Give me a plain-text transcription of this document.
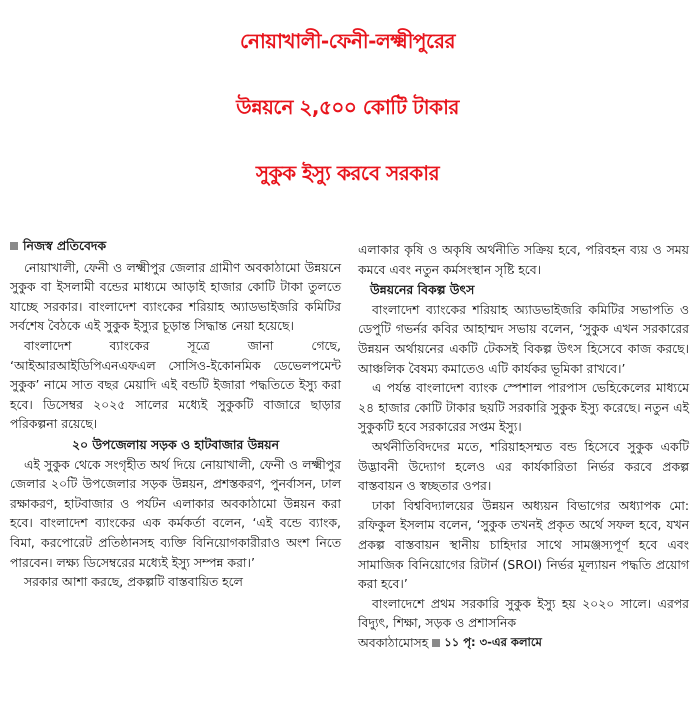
নোয়াখালী-ফেনী-লক্ষ্মীপুরের
উন্নয়নে ২,৫০০ কোটি টাকার
সুকুক ইস্যু করবে সরকার
নিজস্ব প্রতিবেদক

নোয়াখালী, ফেনী ও লক্ষ্মীপুর জেলার গ্রামীণ অবকাঠামো উন্নয়নে সুকুক বা ইসলামী বন্ডের মাধ্যমে আড়াই হাজার কোটি টাকা তুলতে যাচ্ছে সরকার। বাংলাদেশ ব্যাংকের শরিয়াহ অ্যাডভাইজরি কমিটির সর্বশেষ বৈঠকে এই সুকুক ইস্যুর চূড়ান্ত সিদ্ধান্ত নেয়া হয়েছে।

বাংলাদেশ ব্যাংকের সূত্রে জানা গেছে, ‘আইআরআইডিপিএনএফএল সোসিও-ইকোনমিক ডেভেলপমেন্ট সুকুক’ নামে সাত বছর মেয়াদি এই বন্ডটি ইজারা পদ্ধতিতে ইস্যু করা হবে। ডিসেম্বর ২০২৫ সালের মধ্যেই সুকুকটি বাজারে ছাড়ার পরিকল্পনা রয়েছে।

২০ উপজেলায় সড়ক ও হাটবাজার উন্নয়ন

এই সুকুক থেকে সংগৃহীত অর্থ দিয়ে নোয়াখালী, ফেনী ও লক্ষ্মীপুর জেলার ২০টি উপজেলার সড়ক উন্নয়ন, প্রশস্তকরণ, পুনর্বাসন, ঢাল রক্ষাকরণ, হাটবাজার ও পর্যটন এলাকার অবকাঠামো উন্নয়ন করা হবে। বাংলাদেশ ব্যাংকের এক কর্মকর্তা বলেন, ‘এই বন্ডে ব্যাংক, বিমা, করপোরেট প্রতিষ্ঠানসহ ব্যক্তি বিনিয়োগকারীরাও অংশ নিতে পারবেন। লক্ষ্য ডিসেম্বরের মধ্যেই ইস্যু সম্পন্ন করা।’

সরকার আশা করছে, প্রকল্পটি বাস্তবায়িত হলে

এলাকার কৃষি ও অকৃষি অর্থনীতি সক্রিয় হবে, পরিবহন ব্যয় ও সময় কমবে এবং নতুন কর্মসংস্থান সৃষ্টি হবে।

উন্নয়নের বিকল্প উৎস

বাংলাদেশ ব্যাংকের শরিয়াহ অ্যাডভাইজরি কমিটির সভাপতি ও ডেপুটি গভর্নর কবির আহাম্মদ সভায় বলেন, ‘সুকুক এখন সরকারের উন্নয়ন অর্থায়নের একটি টেকসই বিকল্প উৎস হিসেবে কাজ করছে। আঞ্চলিক বৈষম্য কমাতেও এটি কার্যকর ভূমিকা রাখবে।’

এ পর্যন্ত বাংলাদেশ ব্যাংক স্পেশাল পারপাস ভেহিকেলের মাধ্যমে ২৪ হাজার কোটি টাকার ছয়টি সরকারি সুকুক ইস্যু করেছে। নতুন এই সুকুকটি হবে সরকারের সপ্তম ইস্যু।

অর্থনীতিবিদদের মতে, শরিয়াহসম্মত বন্ড হিসেবে সুকুক একটি উদ্ভাবনী উদ্যোগ হলেও এর কার্যকারিতা নির্ভর করবে প্রকল্প বাস্তবায়ন ও স্বচ্ছতার ওপর।

ঢাকা বিশ্ববিদ্যালয়ের উন্নয়ন অধ্যয়ন বিভাগের অধ্যাপক মো: রফিকুল ইসলাম বলেন, ‘সুকুক তখনই প্রকৃত অর্থে সফল হবে, যখন প্রকল্প বাস্তবায়ন স্থানীয় চাহিদার সাথে সামঞ্জস্যপূর্ণ হবে এবং সামাজিক বিনিয়োগের রিটার্ন (SROI) নির্ভর মূল্যায়ন পদ্ধতি প্রয়োগ করা হবে।’

বাংলাদেশে প্রথম সরকারি সুকুক ইস্যু হয় ২০২০ সালে। এরপর বিদ্যুৎ, শিক্ষা, সড়ক ও প্রশাসনিক

অবকাঠামোসহ ১১ পৃ: ৩-এর কলামে
